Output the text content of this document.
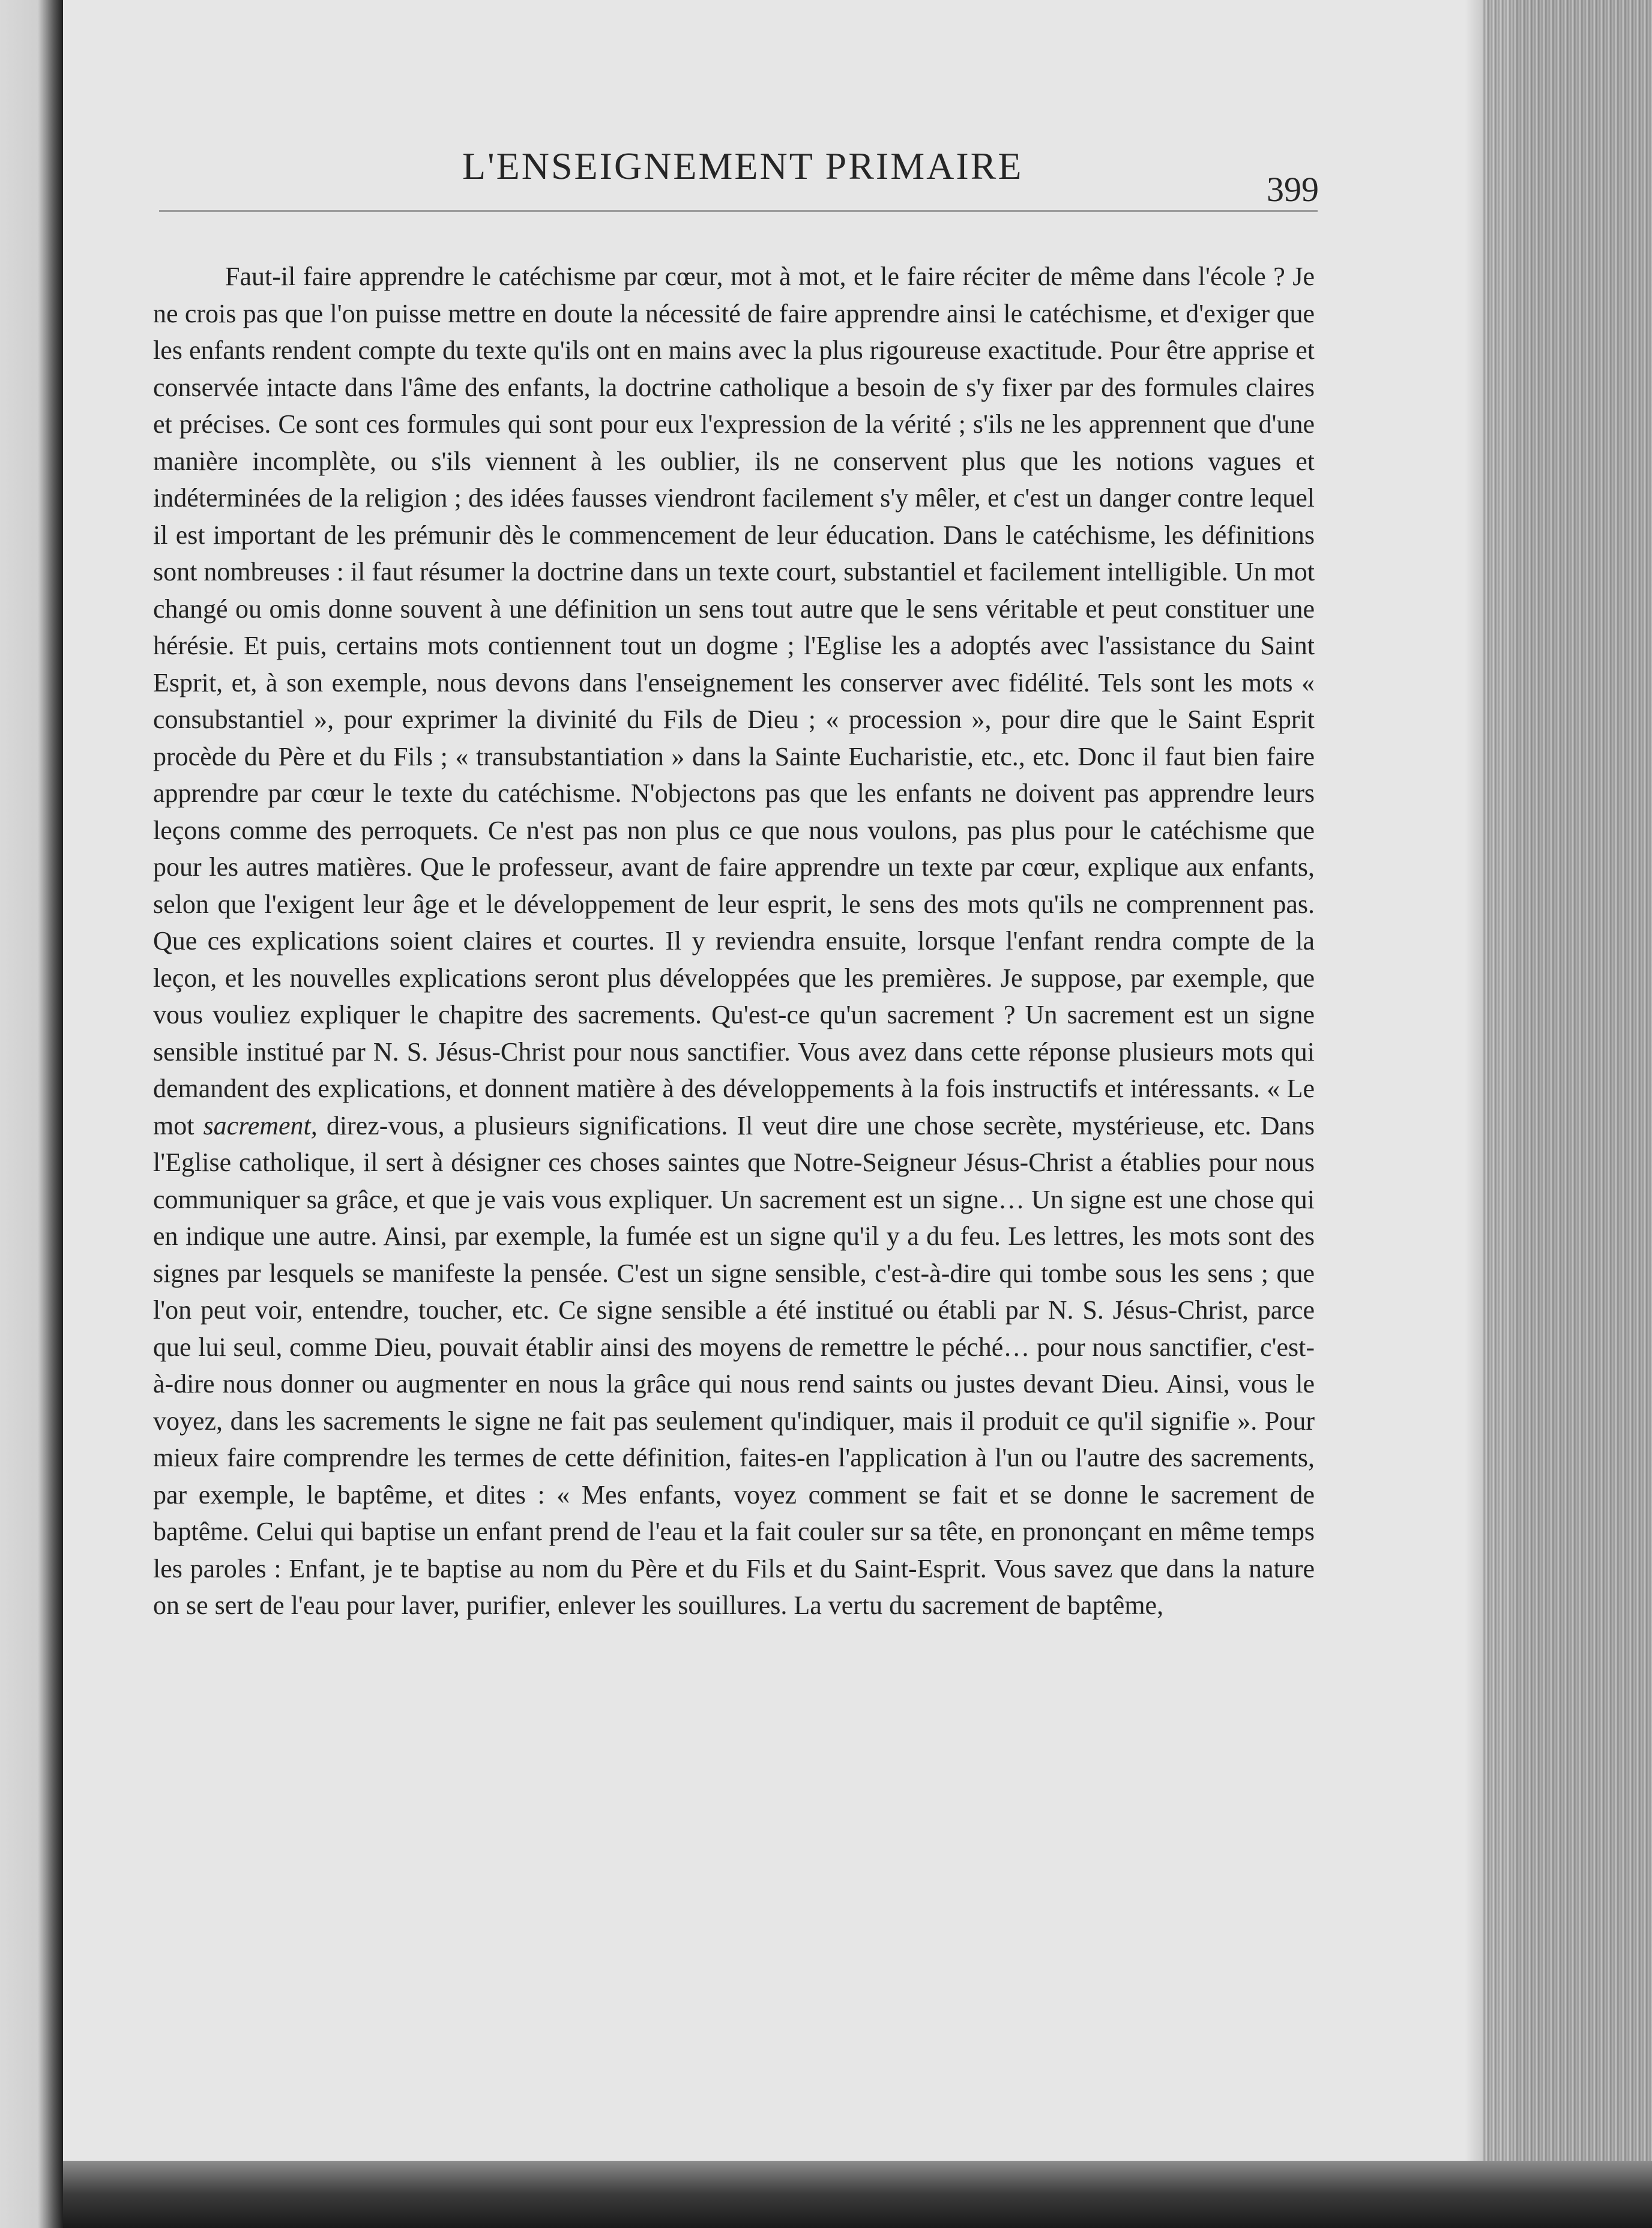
L'ENSEIGNEMENT PRIMAIRE
399

Faut-il faire apprendre le catéchisme par cœur, mot à mot, et le faire réciter de même dans l'école ? Je ne crois pas que l'on puisse mettre en doute la nécessité de faire apprendre ainsi le catéchisme, et d'exiger que les enfants rendent compte du texte qu'ils ont en mains avec la plus rigoureuse exactitude. Pour être apprise et conservée intacte dans l'âme des enfants, la doctrine catholique a besoin de s'y fixer par des formules claires et précises. Ce sont ces formules qui sont pour eux l'expression de la vérité ; s'ils ne les apprennent que d'une manière incomplète, ou s'ils viennent à les oublier, ils ne conservent plus que les notions vagues et indéterminées de la religion ; des idées fausses viendront facilement s'y mêler, et c'est un danger contre lequel il est important de les prémunir dès le commencement de leur éducation. Dans le catéchisme, les définitions sont nombreuses : il faut résumer la doctrine dans un texte court, substantiel et facilement intelligible. Un mot changé ou omis donne souvent à une définition un sens tout autre que le sens véritable et peut constituer une hérésie. Et puis, certains mots contiennent tout un dogme ; l'Eglise les a adoptés avec l'assistance du Saint Esprit, et, à son exemple, nous devons dans l'enseignement les conserver avec fidélité. Tels sont les mots « consubstantiel », pour exprimer la divinité du Fils de Dieu ; « procession », pour dire que le Saint Esprit procède du Père et du Fils ; « transubstantiation » dans la Sainte Eucharistie, etc., etc. Donc il faut bien faire apprendre par cœur le texte du catéchisme. N'objectons pas que les enfants ne doivent pas apprendre leurs leçons comme des perroquets. Ce n'est pas non plus ce que nous voulons, pas plus pour le catéchisme que pour les autres matières. Que le professeur, avant de faire apprendre un texte par cœur, explique aux enfants, selon que l'exigent leur âge et le développement de leur esprit, le sens des mots qu'ils ne comprennent pas. Que ces explications soient claires et courtes. Il y reviendra ensuite, lorsque l'enfant rendra compte de la leçon, et les nouvelles explications seront plus développées que les premières. Je suppose, par exemple, que vous vouliez expliquer le chapitre des sacrements. Qu'est-ce qu'un sacrement ? Un sacrement est un signe sensible institué par N. S. Jésus-Christ pour nous sanctifier. Vous avez dans cette réponse plusieurs mots qui demandent des explications, et donnent matière à des développements à la fois instructifs et intéressants. « Le mot sacrement, direz-vous, a plusieurs significations. Il veut dire une chose secrète, mystérieuse, etc. Dans l'Eglise catholique, il sert à désigner ces choses saintes que Notre-Seigneur Jésus-Christ a établies pour nous communiquer sa grâce, et que je vais vous expliquer. Un sacrement est un signe… Un signe est une chose qui en indique une autre. Ainsi, par exemple, la fumée est un signe qu'il y a du feu. Les lettres, les mots sont des signes par lesquels se manifeste la pensée. C'est un signe sensible, c'est-à-dire qui tombe sous les sens ; que l'on peut voir, entendre, toucher, etc. Ce signe sensible a été institué ou établi par N. S. Jésus-Christ, parce que lui seul, comme Dieu, pouvait établir ainsi des moyens de remettre le péché… pour nous sanctifier, c'est-à-dire nous donner ou augmenter en nous la grâce qui nous rend saints ou justes devant Dieu. Ainsi, vous le voyez, dans les sacrements le signe ne fait pas seulement qu'indiquer, mais il produit ce qu'il signifie ». Pour mieux faire comprendre les termes de cette définition, faites-en l'application à l'un ou l'autre des sacrements, par exemple, le baptême, et dites : « Mes enfants, voyez comment se fait et se donne le sacrement de baptême. Celui qui baptise un enfant prend de l'eau et la fait couler sur sa tête, en prononçant en même temps les paroles : Enfant, je te baptise au nom du Père et du Fils et du Saint-Esprit. Vous savez que dans la nature on se sert de l'eau pour laver, purifier, enlever les souillures. La vertu du sacrement de baptême,
